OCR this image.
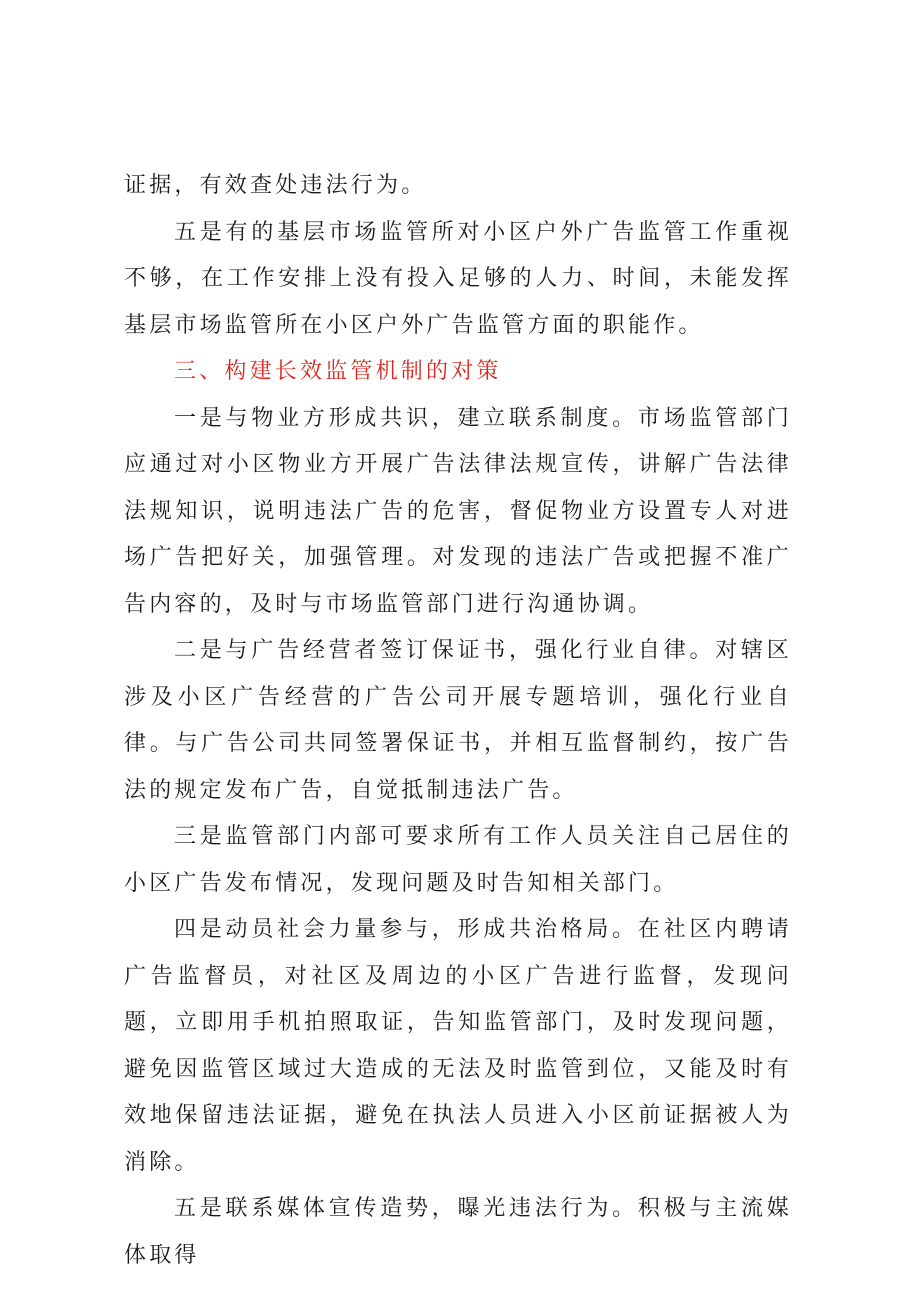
证据，有效查处违法行为。

五是有的基层市场监管所对小区户外广告监管工作重视不够，在工作安排上没有投入足够的人力、时间，未能发挥基层市场监管所在小区户外广告监管方面的职能作。

三、构建长效监管机制的对策

一是与物业方形成共识，建立联系制度。市场监管部门应通过对小区物业方开展广告法律法规宣传，讲解广告法律法规知识，说明违法广告的危害，督促物业方设置专人对进场广告把好关，加强管理。对发现的违法广告或把握不准广告内容的，及时与市场监管部门进行沟通协调。

二是与广告经营者签订保证书，强化行业自律。对辖区涉及小区广告经营的广告公司开展专题培训，强化行业自律。与广告公司共同签署保证书，并相互监督制约，按广告法的规定发布广告，自觉抵制违法广告。

三是监管部门内部可要求所有工作人员关注自己居住的小区广告发布情况，发现问题及时告知相关部门。

四是动员社会力量参与，形成共治格局。在社区内聘请广告监督员，对社区及周边的小区广告进行监督，发现问题，立即用手机拍照取证，告知监管部门，及时发现问题，避免因监管区域过大造成的无法及时监管到位，又能及时有效地保留违法证据，避免在执法人员进入小区前证据被人为消除。

五是联系媒体宣传造势，曝光违法行为。积极与主流媒体取得
